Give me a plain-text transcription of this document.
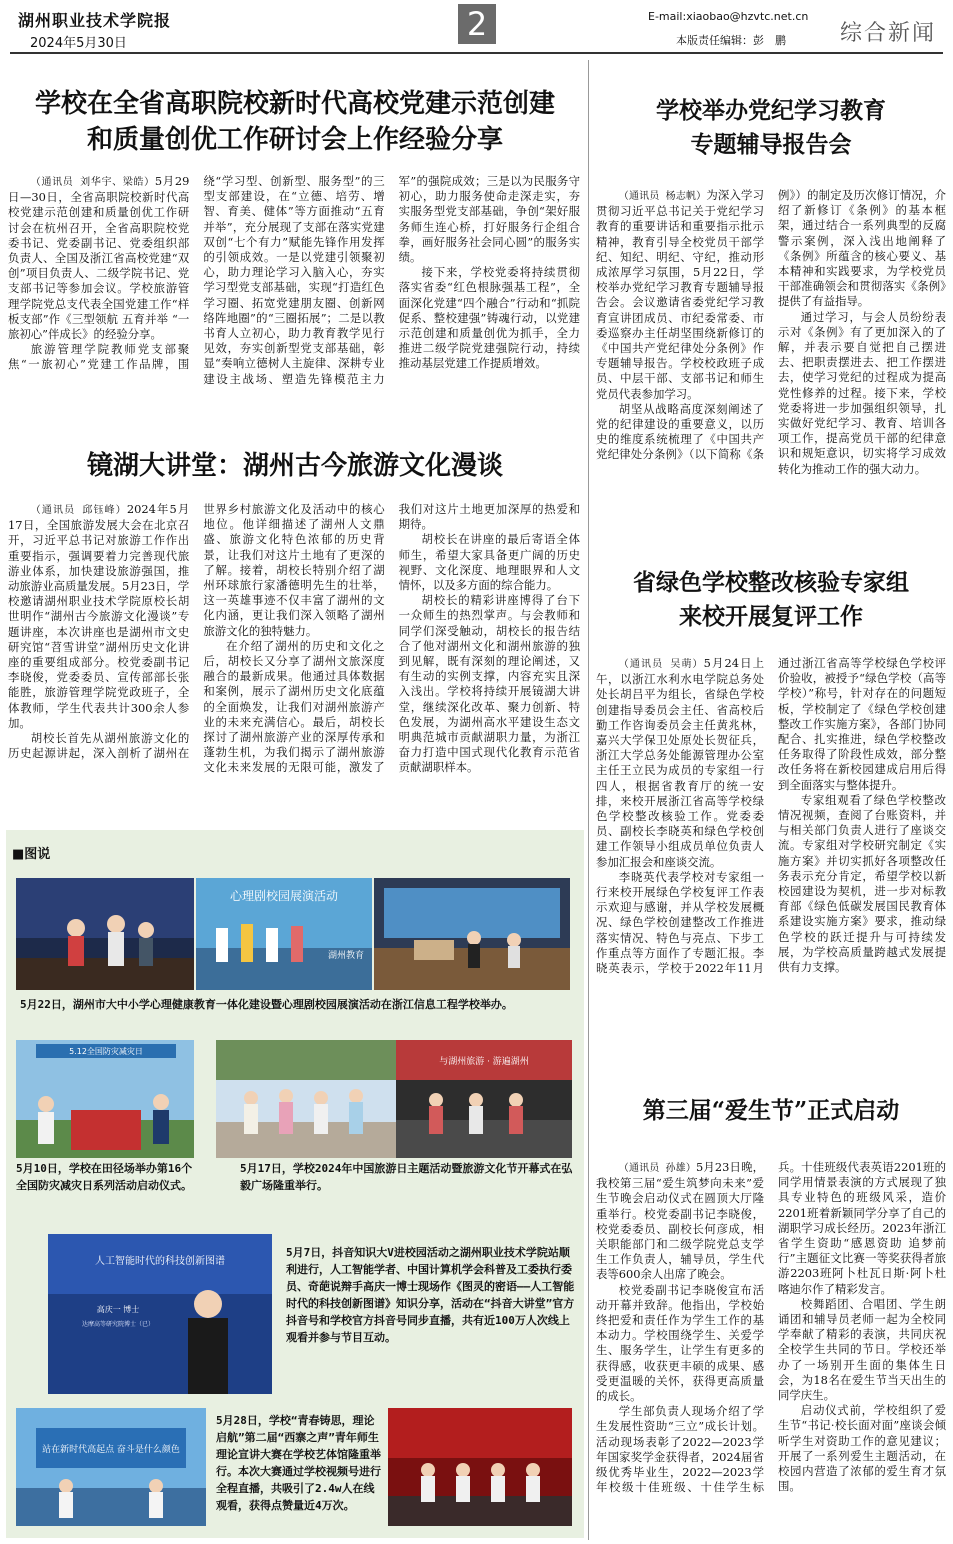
湖州职业技术学院报
2024年5月30日
2	E-mail:xiaobao@hzvtc.net.cn
本版责任编辑：彭　鹏 综合新闻
学校在全省高职院校新时代高校党建示范创建
和质量创优工作研讨会上作经验分享

（通讯员 刘华宇、梁皓）5月29日—30日，全省高职院校新时代高校党建示范创建和质量创优工作研讨会在杭州召开，全省高职院校党委书记、党委副书记、党委组织部负责人、全国及浙江省高校党建“双创”项目负责人、二级学院书记、党支部书记等参加会议。学校旅游管理学院党总支代表全国党建工作“样板支部”作《三型领航 五育并举 “一旅初心”伴成长》的经验分享。

旅游管理学院教师党支部聚焦“一旅初心”党建工作品牌，围绕“学习型、创新型、服务型”的三型支部建设，在“立德、培劳、增智、育美、健体”等方面推动“五育并举”，充分展现了支部在落实党建双创“七个有力”赋能先锋作用发挥的引领成效。一是以党建引领聚初心，助力理论学习入脑入心，夯实学习型党支部基础，实现“打造红色学习圈、拓宽党建朋友圈、创新网络阵地圈”的“三圈拓展”；二是以教书育人立初心，助力教育教学见行见效，夯实创新型党支部基础，彰显“奏响立德树人主旋律、深耕专业建设主战场、塑造先锋模范主力军”的强院成效；三是以为民服务守初心，助力服务使命走深走实，夯实服务型党支部基础，争创“架好服务师生连心桥，打好服务行企组合拳，画好服务社会同心圆”的服务实绩。

接下来，学校党委将持续贯彻落实省委“红色根脉强基工程”，全面深化党建“四个融合”行动和“抓院促系、整校建强”铸魂行动，以党建示范创建和质量创优为抓手，全力推进二级学院党建强院行动，持续推动基层党建工作提质增效。

镜湖大讲堂：湖州古今旅游文化漫谈

（通讯员 邱钰峰）2024年5月17日，全国旅游发展大会在北京召开，习近平总书记对旅游工作作出重要指示，强调要着力完善现代旅游业体系，加快建设旅游强国，推动旅游业高质量发展。5月23日，学校邀请湖州职业技术学院原校长胡世明作“湖州古今旅游文化漫谈”专题讲座，本次讲座也是湖州市文史研究馆“苕雪讲堂”湖州历史文化讲座的重要组成部分。校党委副书记李晓俊，党委委员、宣传部部长张能胜，旅游管理学院党政班子，全体教师，学生代表共计300余人参加。

胡校长首先从湖州旅游文化的历史起源讲起，深入剖析了湖州在世界乡村旅游文化及活动中的核心地位。他详细描述了湖州人文鼎盛、旅游文化特色浓郁的历史背景，让我们对这片土地有了更深的了解。接着，胡校长特别介绍了湖州环球旅行家潘德明先生的壮举，这一英雄事迹不仅丰富了湖州的文化内涵，更让我们深入领略了湖州旅游文化的独特魅力。

在介绍了湖州的历史和文化之后，胡校长又分享了湖州文旅深度融合的最新成果。他通过具体数据和案例，展示了湖州历史文化底蕴的全面焕发，让我们对湖州旅游产业的未来充满信心。最后，胡校长探讨了湖州旅游产业的深厚传承和蓬勃生机，为我们揭示了湖州旅游文化未来发展的无限可能，激发了我们对这片土地更加深厚的热爱和期待。

胡校长在讲座的最后寄语全体师生，希望大家具备更广阔的历史视野、文化深度、地理眼界和人文情怀，以及多方面的综合能力。

胡校长的精彩讲座博得了台下一众师生的热烈掌声。与会教师和同学们深受触动，胡校长的报告结合了他对湖州文化和湖州旅游的独到见解，既有深刻的理论阐述，又有生动的实例支撑，内容充实且深入浅出。学校将持续开展镜湖大讲堂，继续深化改革、聚力创新、特色发展，为湖州高水平建设生态文明典范城市贡献湖职力量，为浙江奋力打造中国式现代化教育示范省贡献湖职样本。

学校举办党纪学习教育
专题辅导报告会

（通讯员 杨志帆）为深入学习贯彻习近平总书记关于党纪学习教育的重要讲话和重要指示批示精神，教育引导全校党员干部学纪、知纪、明纪、守纪，推动形成浓厚学习氛围，5月22日，学校举办党纪学习教育专题辅导报告会。会议邀请省委党纪学习教育宣讲团成员、市纪委常委、市委巡察办主任胡坚围绕新修订的《中国共产党纪律处分条例》作专题辅导报告。学校校政班子成员、中层干部、支部书记和师生党员代表参加学习。

胡坚从战略高度深刻阐述了党的纪律建设的重要意义，以历史的维度系统梳理了《中国共产党纪律处分条例》（以下简称《条例》）的制定及历次修订情况，介绍了新修订《条例》的基本框架，通过结合一系列典型的反腐警示案例，深入浅出地阐释了《条例》所蕴含的核心要义、基本精神和实践要求，为学校党员干部准确领会和贯彻落实《条例》提供了有益指导。

通过学习，与会人员纷纷表示对《条例》有了更加深入的了解，并表示要自觉把自己摆进去、把职责摆进去、把工作摆进去，使学习党纪的过程成为提高党性修养的过程。接下来，学校党委将进一步加强组织领导，扎实做好党纪学习、教育、培训各项工作，提高党员干部的纪律意识和规矩意识，切实将学习成效转化为推动工作的强大动力。

省绿色学校整改核验专家组
来校开展复评工作

（通讯员 吴萌）5月24日上午，以浙江水利水电学院总务处处长胡吕平为组长，省绿色学校创建指导委员会主任、省高校后勤工作咨询委员会主任黄兆林，嘉兴大学保卫处原处长贺征兵，浙江大学总务处能源管理办公室主任王立民为成员的专家组一行四人，根据省教育厅的统一安排，来校开展浙江省高等学校绿色学校整改核验工作。党委委员、副校长李晓英和绿色学校创建工作领导小组成员单位负责人参加汇报会和座谈交流。

李晓英代表学校对专家组一行来校开展绿色学校复评工作表示欢迎与感谢，并从学校发展概况、绿色学校创建整改工作推进落实情况、特色与亮点、下步工作重点等方面作了专题汇报。李晓英表示，学校于2022年11月通过浙江省高等学校绿色学校评价验收，被授予“绿色学校（高等学校）”称号，针对存在的问题短板，学校制定了《绿色学校创建整改工作实施方案》，各部门协同配合、扎实推进，绿色学校整改任务取得了阶段性成效，部分整改任务将在新校园建成启用后得到全面落实与整体提升。

专家组观看了绿色学校整改情况视频，查阅了台账资料，并与相关部门负责人进行了座谈交流。专家组对学校研究制定《实施方案》并切实抓好各项整改任务表示充分肯定，希望学校以新校园建设为契机，进一步对标教育部《绿色低碳发展国民教育体系建设实施方案》要求，推动绿色学校的跃迁提升与可持续发展，为学校高质量跨越式发展提供有力支撑。

第三届“爱生节”正式启动

（通讯员 孙雄）5月23日晚，我校第三届“爱生筑梦向未来”爱生节晚会启动仪式在圆顶大厅隆重举行。校党委副书记李晓俊，校党委委员、副校长何彦成，相关职能部门和二级学院党总支学生工作负责人，辅导员，学生代表等600余人出席了晚会。

校党委副书记李晓俊宣布活动开幕并致辞。他指出，学校始终把爱和责任作为学生工作的基本动力。学校围绕学生、关爱学生、服务学生，让学生有更多的获得感，收获更丰硕的成果、感受更温暖的关怀，获得更高质量的成长。

学生部负责人现场介绍了学生发展性资助“三立”成长计划。活动现场表彰了2022—2023学年国家奖学金获得者，2024届省级优秀毕业生，2022—2023学年校级十佳班级、十佳学生标兵。十佳班级代表英语2201班的同学用情景表演的方式展现了独具专业特色的班级风采，造价2201班着新颖同学分享了自己的湖职学习成长经历。2023年浙江省学生资助“感恩资助 追梦前行”主题征文比赛一等奖获得者旅游2203班阿卜杜瓦日斯·阿卜杜喀迪尔作了精彩发言。

校舞蹈团、合唱团、学生朗诵团和辅导员老师一起为全校同学奉献了精彩的表演，共同庆祝全校学生共同的节日。学校还举办了一场别开生面的集体生日会，为18名在爱生节当天出生的同学庆生。

启动仪式前，学校组织了爱生节“书记·校长面对面”座谈会倾听学生对资助工作的意见建议；开展了一系列爱生主题活动，在校园内营造了浓郁的爱生育才氛围。

■图说
心理剧校园展演活动
湖州教育
5月22日，湖州市大中小学心理健康教育一体化建设暨心理剧校园展演活动在浙江信息工程学校举办。
5.12全国防灾减灾日
与湖州旅游 · 游遍湖州
5月10日，学校在田径场举办第16个全国防灾减灾日系列活动启动仪式。
5月17日，学校2024年中国旅游日主题活动暨旅游文化节开幕式在弘毅广场隆重举行。
人工智能时代的科技创新图谱
高庆一 博士
达摩高等研究院博士（已）
5月7日，抖音知识大V进校园活动之湖州职业技术学院站顺利进行，人工智能学者、中国计算机学会科普及工委执行委员、奇葩说辩手高庆一博士现场作《图灵的密语——人工智能时代的科技创新图谱》知识分享，活动在“抖音大讲堂”官方抖音号和学校官方抖音号同步直播，共有近100万人次线上观看并参与节目互动。
站在新时代高起点 奋斗是什么颜色
5月28日，学校“青春铸思，理论启航”第二届“西寨之声”青年师生理论宣讲大赛在学校艺体馆隆重举行。本次大赛通过学校视频号进行全程直播，共吸引了2.4w人在线观看，获得点赞量近4万次。
